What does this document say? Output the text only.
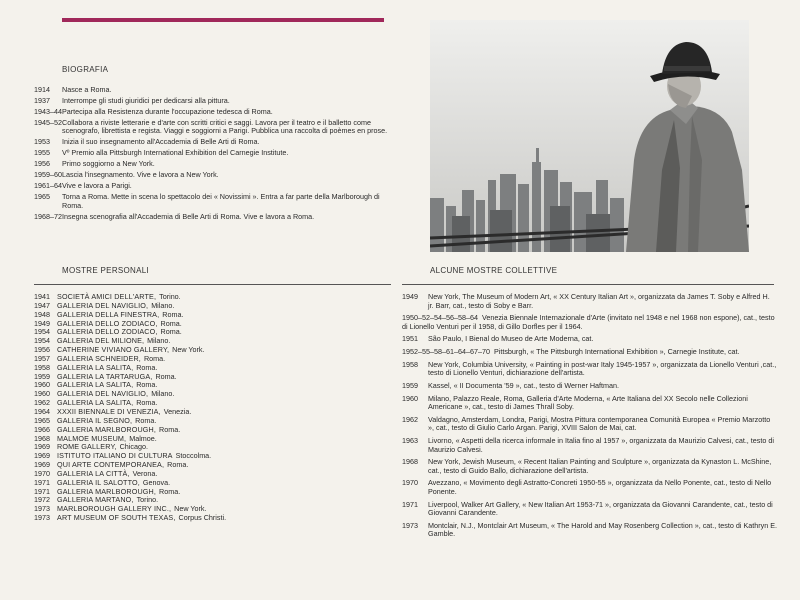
BIOGRAFIA
1914	Nasce a Roma.
1937	Interrompe gli studi giuridici per dedicarsi alla pittura.
1943–44 Partecipa alla Resistenza durante l'occupazione tedesca di Roma.
1945–52 Collabora a riviste letterarie e d'arte con scritti critici e saggi. Lavora per il teatro e il balletto come scenografo, librettista e regista. Viaggi e soggiorni a Parigi. Pubblica una raccolta di poèmes en prose.
1953	Inizia il suo insegnamento all'Accademia di Belle Arti di Roma.
1955	Vº Premio alla Pittsburgh International Exhibition del Carnegie Institute.
1956	Primo soggiorno a New York.
1959–60 Lascia l'insegnamento. Vive e lavora a New York.
1961–64 Vive e lavora a Parigi.
1965	Torna a Roma. Mette in scena lo spettacolo dei « Novissimi ». Entra a far parte della Marlborough di Roma.
1968–72 Insegna scenografia all'Accademia di Belle Arti di Roma. Vive e lavora a Roma.
MOSTRE PERSONALI	ALCUNE MOSTRE COLLETTIVE
1941 SOCIETÀ AMICI DELL'ARTE, Torino.
1947 GALLERIA DEL NAVIGLIO, Milano.
1948 GALLERIA DELLA FINESTRA, Roma.
1949 GALLERIA DELLO ZODIACO, Roma.
1954 GALLERIA DELLO ZODIACO, Roma.
1954 GALLERIA DEL MILIONE, Milano.
1956 CATHERINE VIVIANO GALLERY, New York.
1957 GALLERIA SCHNEIDER, Roma.
1958 GALLERIA LA SALITA, Roma.
1959 GALLERIA LA TARTARUGA, Roma.
1960 GALLERIA LA SALITA, Roma.
1960 GALLERIA DEL NAVIGLIO, Milano.
1962 GALLERIA LA SALITA, Roma.
1964 XXXII BIENNALE DI VENEZIA, Venezia.
1965 GALLERIA IL SEGNO, Roma.
1966 GALLERIA MARLBOROUGH, Roma.
1968 MALMOE MUSEUM, Malmoe.
1969 ROME GALLERY, Chicago.
1969 ISTITUTO ITALIANO DI CULTURA Stoccolma.
1969 QUI ARTE CONTEMPORANEA, Roma.
1970 GALLERIA LA CITTÀ, Verona.
1971 GALLERIA IL SALOTTO, Genova.
1971 GALLERIA MARLBOROUGH, Roma.
1972 GALLERIA MARTANO, Torino.
1973 MARLBOROUGH GALLERY INC., New York.
1973 ART MUSEUM OF SOUTH TEXAS, Corpus Christi.
1949	New York, The Museum of Modern Art, « XX Century Italian Art », organizzata da James T. Soby e Alfred H. jr. Barr, cat., testo di Soby e Barr.
1950–52–54–56–58–64 Venezia Biennale Internazionale d'Arte (invitato nel 1948 e nel 1968 non espone), cat., testo di Lionello Venturi per il 1958, di Gillo Dorfles per il 1964.
1951	São Paulo, I Bienal do Museo de Arte Moderna, cat.
1952–55–58–61–64–67–70 Pittsburgh, « The Pittsburgh International Exhibition », Carnegie Institute, cat.
1958	New York, Columbia University, « Painting in post-war Italy 1945-1957 », organizzata da Lionello Venturi ,cat., testo di Lionello Venturi, dichiarazione dell'artista.
1959	Kassel, « II Documenta '59 », cat., testo di Werner Haftman.
1960	Milano, Palazzo Reale, Roma, Galleria d'Arte Moderna, « Arte Italiana del XX Secolo nelle Collezioni Americane », cat., testo di James Thrall Soby.
1962	Valdagno, Amsterdam, Londra, Parigi, Mostra Pittura contemporanea Comunità Europea « Premio Marzotto », cat., testo di Giulio Carlo Argan. Parigi, XVIII Salon de Mai, cat.
1963	Livorno, « Aspetti della ricerca informale in Italia fino al 1957 », organizzata da Maurizio Calvesi, cat., testo di Maurizio Calvesi.
1968	New York, Jewish Museum, « Recent Italian Painting and Sculpture », organizzata da Kynaston L. McShine, cat., testo di Guido Ballo, dichiarazione dell'artista.
1970	Avezzano, « Movimento degli Astratto-Concreti 1950-55 », organizzata da Nello Ponente, cat., testo di Nello Ponente.
1971	Liverpool, Walker Art Gallery, « New Italian Art 1953-71 », organizzata da Giovanni Carandente, cat., testo di Giovanni Carandente.
1973	Montclair, N.J., Montclair Art Museum, « The Harold and May Rosenberg Collection », cat., testo di Kathryn E. Gamble.
